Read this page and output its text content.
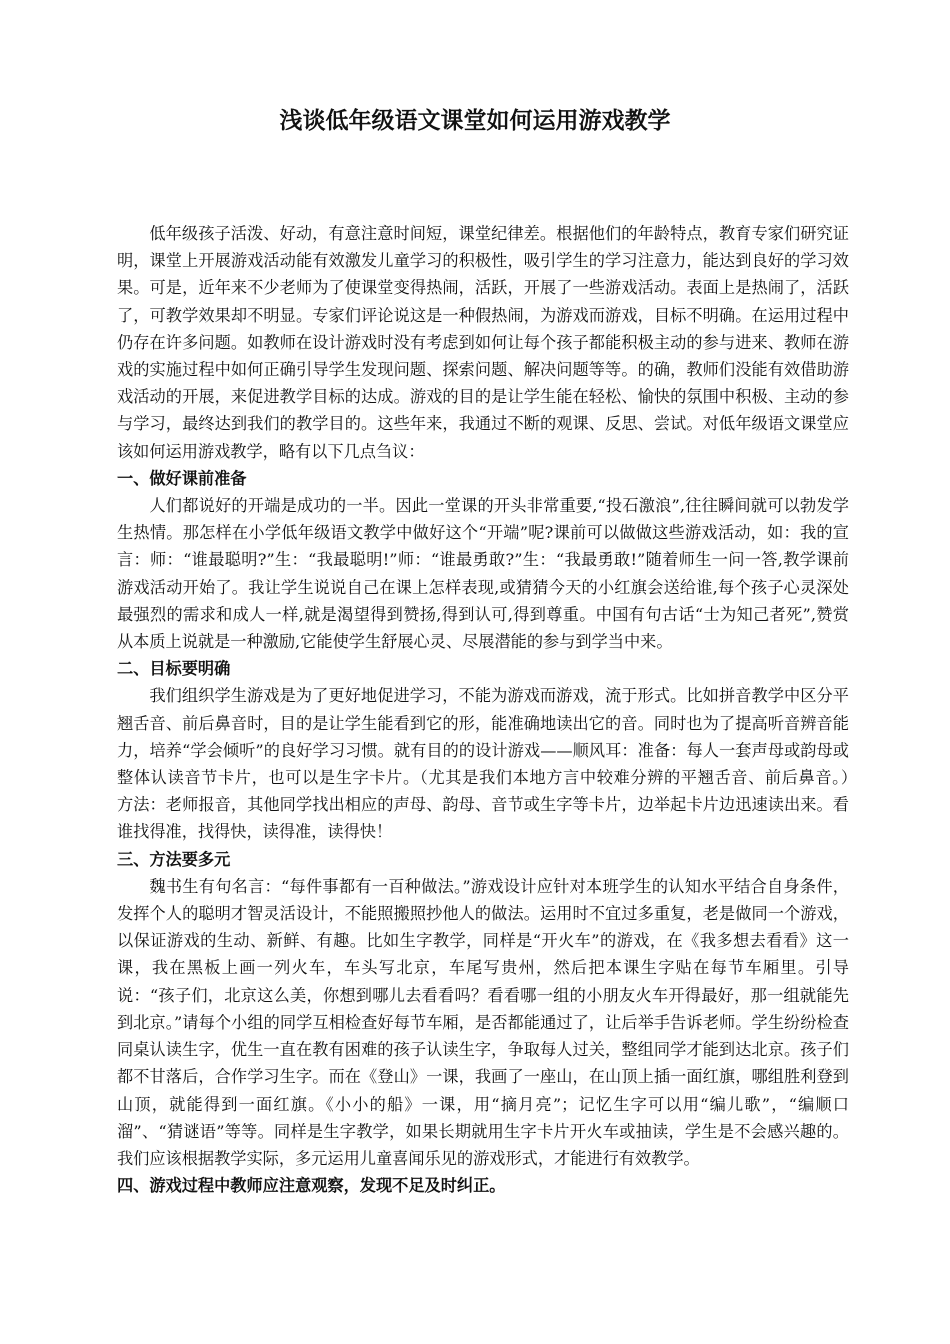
浅谈低年级语文课堂如何运用游戏教学

低年级孩子活泼、好动，有意注意时间短，课堂纪律差。根据他们的年龄特点，教育专家们研究证明，课堂上开展游戏活动能有效激发儿童学习的积极性，吸引学生的学习注意力，能达到良好的学习效果。可是，近年来不少老师为了使课堂变得热闹，活跃，开展了一些游戏活动。表面上是热闹了，活跃了，可教学效果却不明显。专家们评论说这是一种假热闹，为游戏而游戏，目标不明确。在运用过程中仍存在许多问题。如教师在设计游戏时没有考虑到如何让每个孩子都能积极主动的参与进来、教师在游戏的实施过程中如何正确引导学生发现问题、探索问题、解决问题等等。的确，教师们没能有效借助游戏活动的开展，来促进教学目标的达成。游戏的目的是让学生能在轻松、愉快的氛围中积极、主动的参与学习，最终达到我们的教学目的。这些年来，我通过不断的观课、反思、尝试。对低年级语文课堂应该如何运用游戏教学，略有以下几点刍议：

一、做好课前准备

人们都说好的开端是成功的一半。因此一堂课的开头非常重要,“投石激浪”,往往瞬间就可以勃发学生热情。那怎样在小学低年级语文教学中做好这个“开端”呢?课前可以做做这些游戏活动，如：我的宣言：师：“谁最聪明?”生：“我最聪明!”师：“谁最勇敢?”生：“我最勇敢!”随着师生一问一答,教学课前游戏活动开始了。我让学生说说自己在课上怎样表现,或猜猜今天的小红旗会送给谁,每个孩子心灵深处最强烈的需求和成人一样,就是渴望得到赞扬,得到认可,得到尊重。中国有句古话“士为知己者死”,赞赏从本质上说就是一种激励,它能使学生舒展心灵、尽展潜能的参与到学当中来。

二、目标要明确

我们组织学生游戏是为了更好地促进学习，不能为游戏而游戏，流于形式。比如拼音教学中区分平翘舌音、前后鼻音时，目的是让学生能看到它的形，能准确地读出它的音。同时也为了提高听音辨音能力，培养“学会倾听”的良好学习习惯。就有目的的设计游戏——顺风耳：准备：每人一套声母或韵母或整体认读音节卡片，也可以是生字卡片。（尤其是我们本地方言中较难分辨的平翘舌音、前后鼻音。）　方法：老师报音，其他同学找出相应的声母、韵母、音节或生字等卡片，边举起卡片边迅速读出来。看谁找得准，找得快，读得准，读得快！

三、方法要多元

魏书生有句名言：“每件事都有一百种做法。”游戏设计应针对本班学生的认知水平结合自身条件，发挥个人的聪明才智灵活设计，不能照搬照抄他人的做法。运用时不宜过多重复，老是做同一个游戏，以保证游戏的生动、新鲜、有趣。比如生字教学，同样是“开火车”的游戏，在《我多想去看看》这一课，我在黑板上画一列火车，车头写北京，车尾写贵州，然后把本课生字贴在每节车厢里。引导说：“孩子们，北京这么美，你想到哪儿去看看吗？看看哪一组的小朋友火车开得最好，那一组就能先到北京。”请每个小组的同学互相检查好每节车厢，是否都能通过了，让后举手告诉老师。学生纷纷检查同桌认读生字，优生一直在教有困难的孩子认读生字，争取每人过关，整组同学才能到达北京。孩子们都不甘落后，合作学习生字。而在《登山》一课，我画了一座山，在山顶上插一面红旗，哪组胜利登到山顶，就能得到一面红旗。《小小的船》一课，用“摘月亮”；记忆生字可以用“编儿歌”，“编顺口溜”、“猜谜语”等等。同样是生字教学，如果长期就用生字卡片开火车或抽读，学生是不会感兴趣的。我们应该根据教学实际，多元运用儿童喜闻乐见的游戏形式，才能进行有效教学。

四、游戏过程中教师应注意观察，发现不足及时纠正。
